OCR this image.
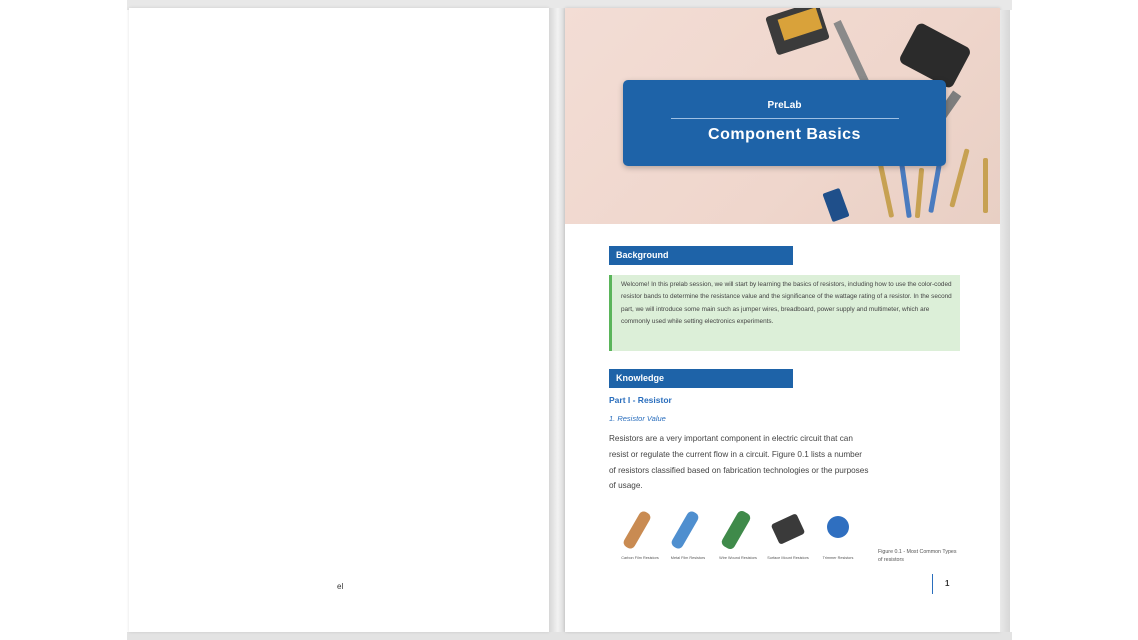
el
PreLab
Component Basics
Background
Welcome! In this prelab session, we will start by learning the basics of resistors, including how to use the color-coded resistor bands to determine the resistance value and the significance of the wattage rating of a resistor. In the second part, we will introduce some main such as jumper wires, breadboard, power supply and multimeter, which are commonly used while setting electronics experiments.
Knowledge
Part I - Resistor
1. Resistor Value
Resistors are a very important component in electric circuit that can resist or regulate the current flow in a circuit. Figure 0.1 lists a number of resistors classified based on fabrication technologies or the purposes of usage.
Carbon Film Resistors	Metal Film Resistors	Wire Wound Resistors	Surface Mount Resistors	Trimmer Resistors
Figure 0.1 - Most Common Types of resistors
1
